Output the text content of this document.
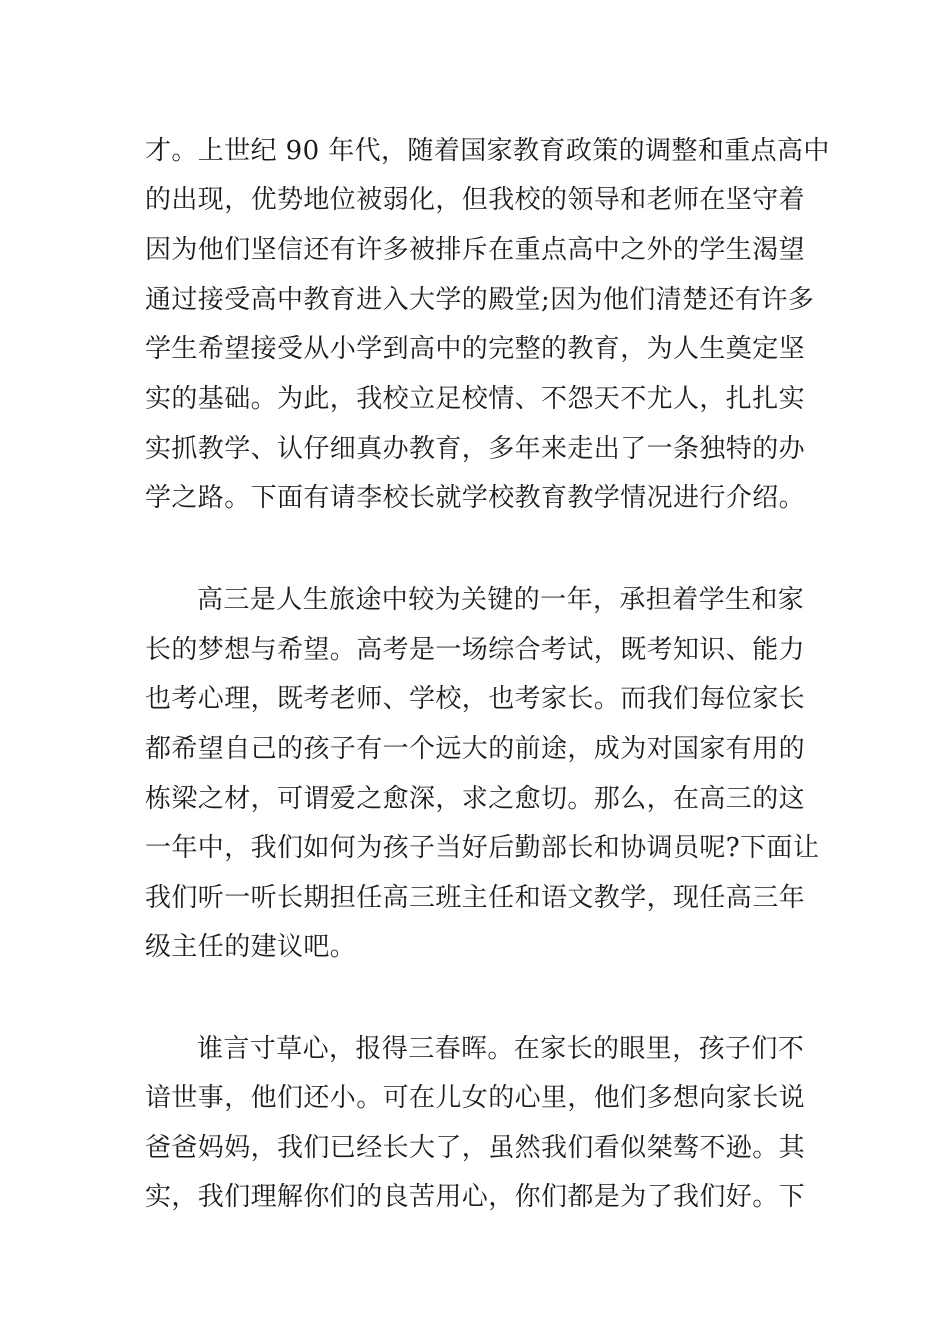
才。上世纪 90 年代，随着国家教育政策的调整和重点高中
的出现，优势地位被弱化，但我校的领导和老师在坚守着
因为他们坚信还有许多被排斥在重点高中之外的学生渴望
通过接受高中教育进入大学的殿堂;因为他们清楚还有许多
学生希望接受从小学到高中的完整的教育，为人生奠定坚
实的基础。为此，我校立足校情、不怨天不尤人，扎扎实
实抓教学、认仔细真办教育，多年来走出了一条独特的办
学之路。下面有请李校长就学校教育教学情况进行介绍。
高三是人生旅途中较为关键的一年，承担着学生和家
长的梦想与希望。高考是一场综合考试，既考知识、能力
也考心理，既考老师、学校，也考家长。而我们每位家长
都希望自己的孩子有一个远大的前途，成为对国家有用的
栋梁之材，可谓爱之愈深，求之愈切。那么，在高三的这
一年中，我们如何为孩子当好后勤部长和协调员呢?下面让
我们听一听长期担任高三班主任和语文教学，现任高三年
级主任的建议吧。
谁言寸草心，报得三春晖。在家长的眼里，孩子们不
谙世事，他们还小。可在儿女的心里，他们多想向家长说
爸爸妈妈，我们已经长大了，虽然我们看似桀骜不逊。其
实，我们理解你们的良苦用心，你们都是为了我们好。下
